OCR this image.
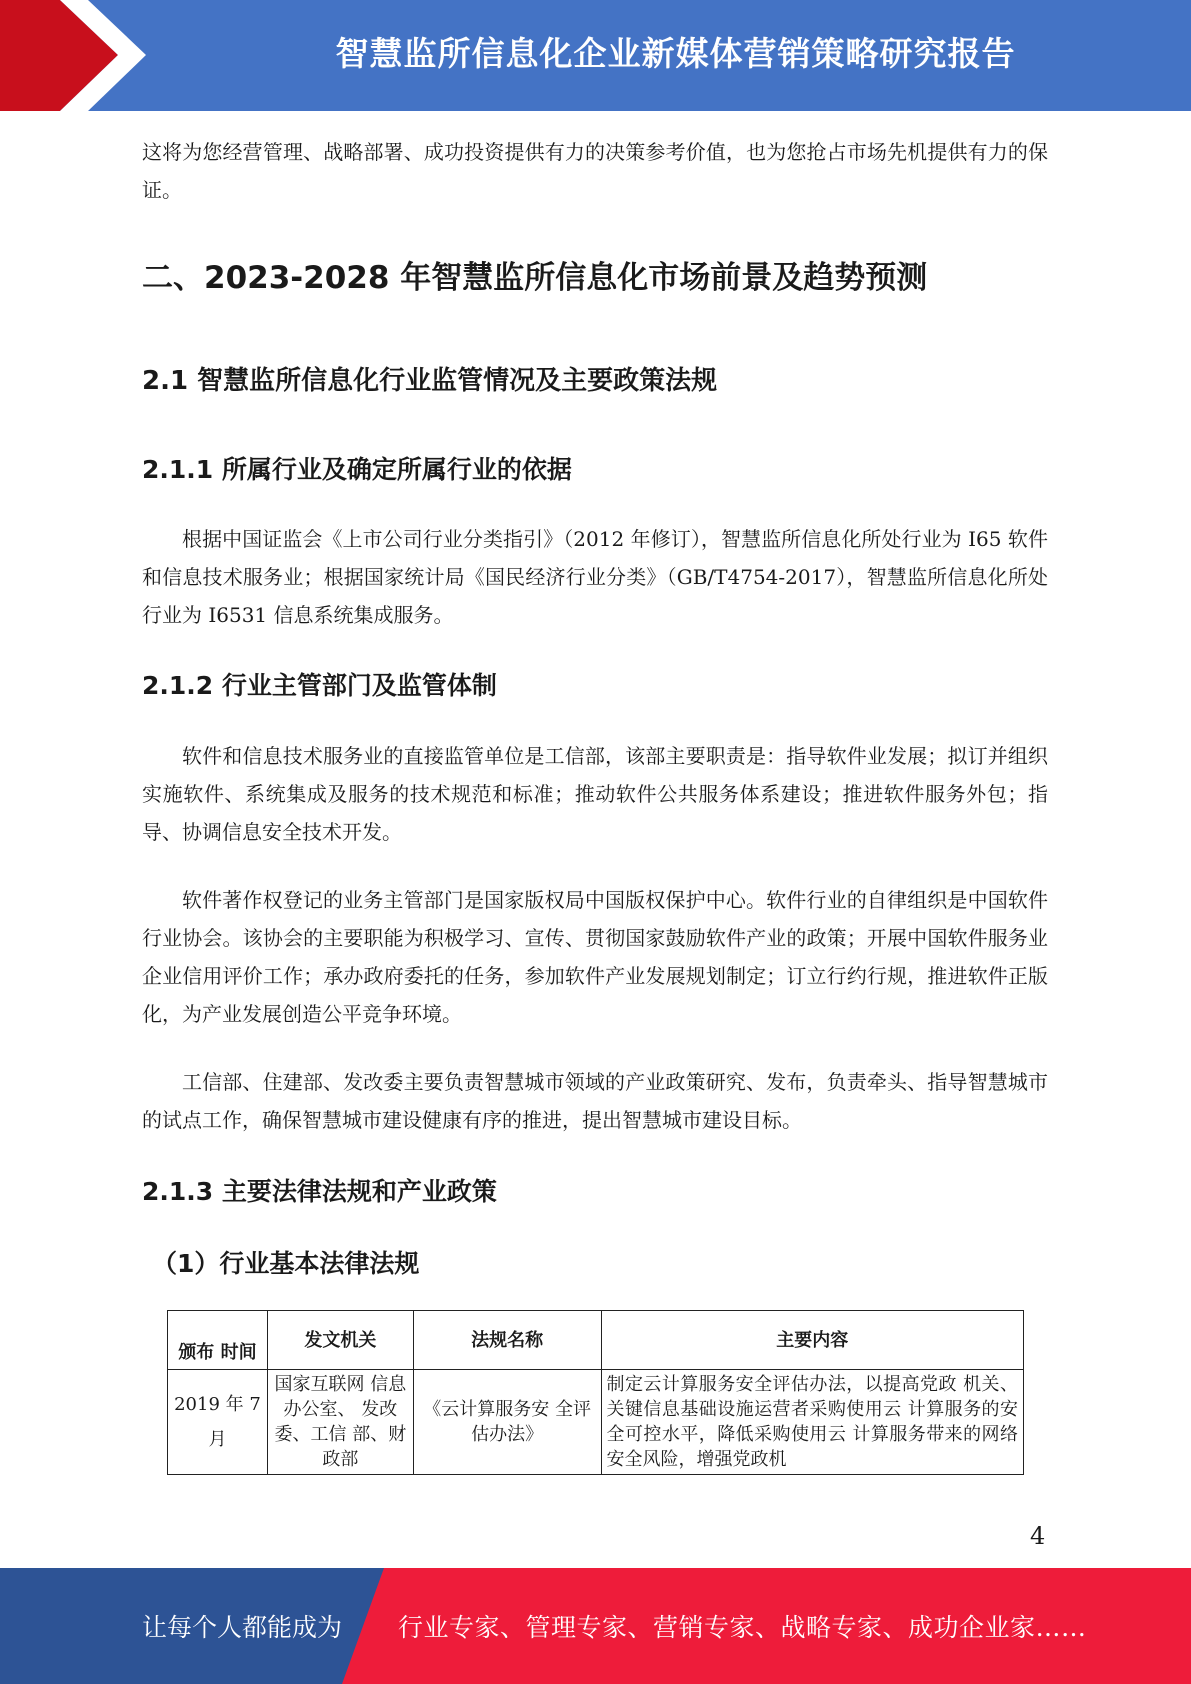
智慧监所信息化企业新媒体营销策略研究报告

这将为您经营管理、战略部署、成功投资提供有力的决策参考价值，也为您抢占市场先机提供有力的保证。

二、2023-2028 年智慧监所信息化市场前景及趋势预测
2.1 智慧监所信息化行业监管情况及主要政策法规
2.1.1 所属行业及确定所属行业的依据

根据中国证监会《上市公司行业分类指引》（2012 年修订），智慧监所信息化所处行业为 I65 软件和信息技术服务业；根据国家统计局《国民经济行业分类》（GB/T4754-2017），智慧监所信息化所处行业为 I6531 信息系统集成服务。

2.1.2 行业主管部门及监管体制

软件和信息技术服务业的直接监管单位是工信部，该部主要职责是：指导软件业发展；拟订并组织实施软件、系统集成及服务的技术规范和标准；推动软件公共服务体系建设；推进软件服务外包；指导、协调信息安全技术开发。

软件著作权登记的业务主管部门是国家版权局中国版权保护中心。软件行业的自律组织是中国软件行业协会。该协会的主要职能为积极学习、宣传、贯彻国家鼓励软件产业的政策；开展中国软件服务业企业信用评价工作；承办政府委托的任务，参加软件产业发展规划制定；订立行约行规，推进软件正版化，为产业发展创造公平竞争环境。

工信部、住建部、发改委主要负责智慧城市领域的产业政策研究、发布，负责牵头、指导智慧城市的试点工作，确保智慧城市建设健康有序的推进，提出智慧城市建设目标。

2.1.3 主要法律法规和产业政策
（1）行业基本法律法规
颁布 时间	发文机关	法规名称	主要内容
2019 年 7月	国家互联网 信息办公室、 发改委、工信 部、财政部	《云计算服务安 全评估办法》	制定云计算服务安全评估办法，以提高党政 机关、关键信息基础设施运营者采购使用云 计算服务的安全可控水平，降低采购使用云 计算服务带来的网络安全风险，增强党政机
4
让每个人都能成为 行业专家、管理专家、营销专家、战略专家、成功企业家……
